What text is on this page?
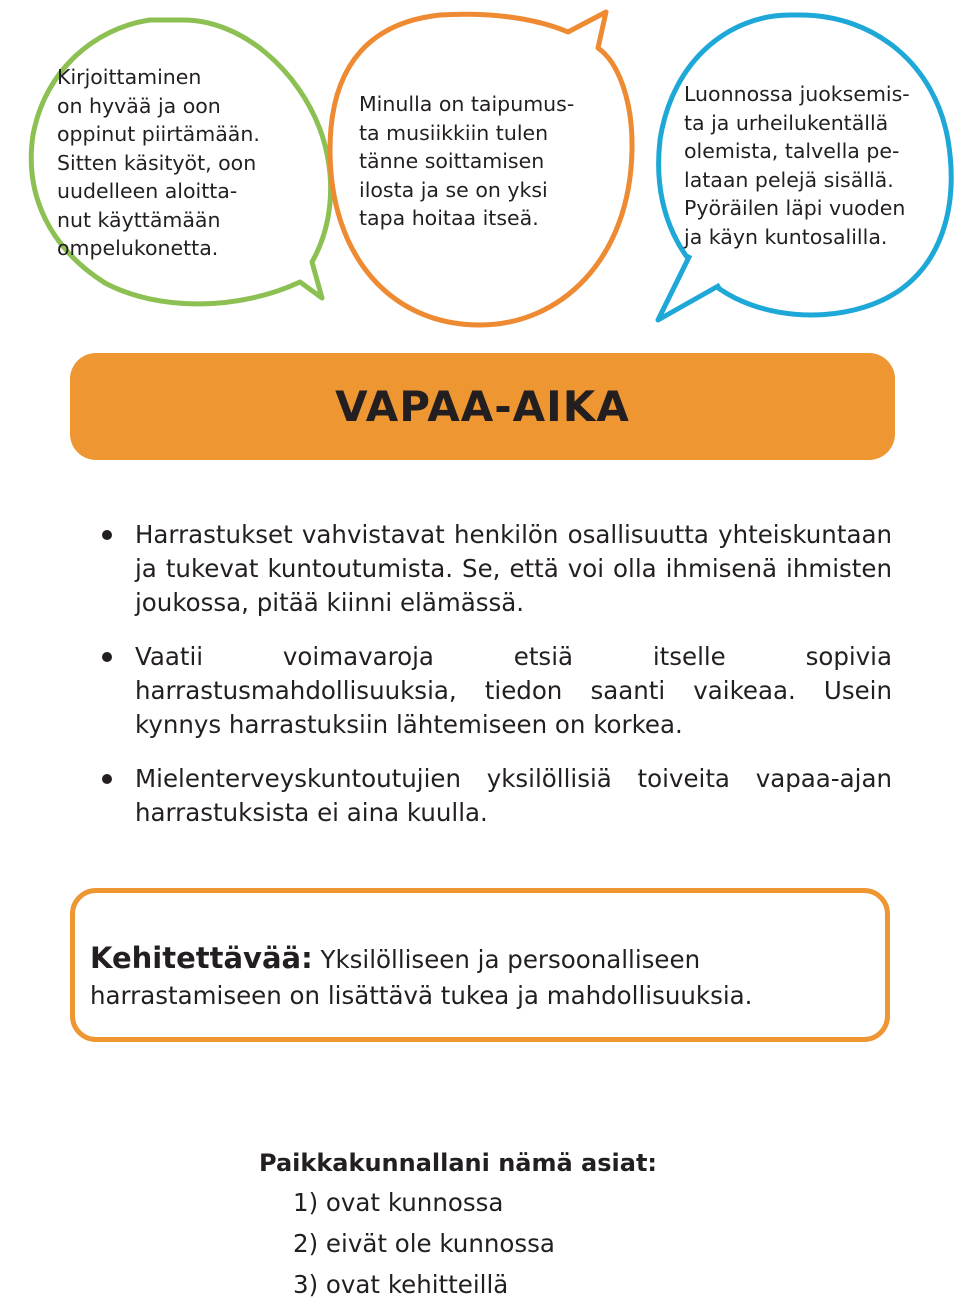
Kirjoittaminen
on hyvää ja oon
oppinut piirtämään.
Sitten käsityöt, oon
uudelleen aloitta-
nut käyttämään
ompelukonetta.
Minulla on taipumus-
ta musiikkiin tulen
tänne soittamisen
ilosta ja se on yksi
tapa hoitaa itseä.
Luonnossa juoksemis-
ta ja urheilukentällä
olemista, talvella pe-
lataan pelejä sisällä.
Pyöräilen läpi vuoden
ja käyn kuntosalilla.
VAPAA-AIKA
Harrastukset vahvistavat henkilön osallisuutta yhteiskuntaan ja tukevat kuntoutumista. Se, että voi olla ihmisenä ihmisten joukossa, pitää kiinni elämässä.
Vaatii voimavaroja etsiä itselle sopivia harrastusmahdollisuuksia, tiedon saanti vaikeaa. Usein kynnys harrastuksiin lähtemiseen on korkea.
Mielenterveyskuntoutujien yksilöllisiä toiveita vapaa-ajan harrastuksista ei aina kuulla.
Kehitettävää: Yksilölliseen ja persoonalliseen harrastamiseen on lisättävä tukea ja mahdollisuuksia.
Paikkakunnallani nämä asiat:
1) ovat kunnossa
2) eivät ole kunnossa
3) ovat kehitteillä
